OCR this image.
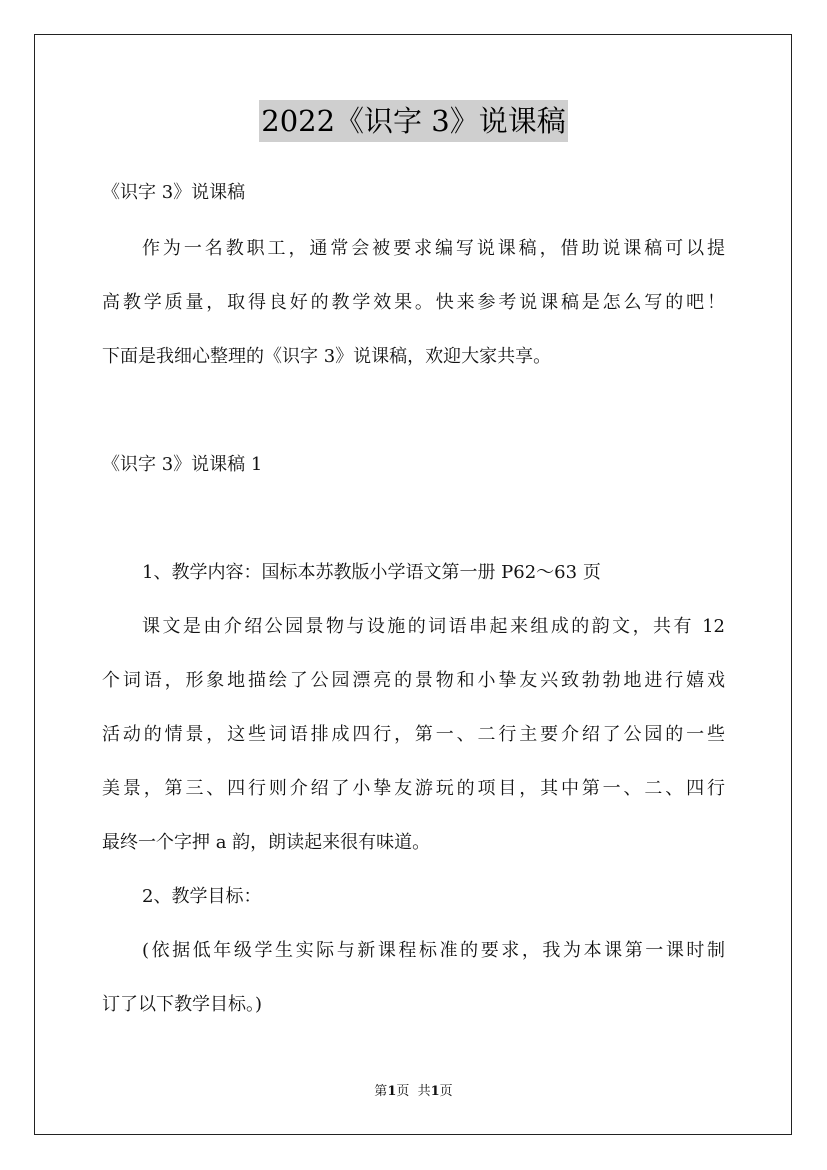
2022《识字 3》说课稿
《识字 3》说课稿
作为一名教职工，通常会被要求编写说课稿，借助说课稿可以提
高教学质量，取得良好的教学效果。快来参考说课稿是怎么写的吧！
下面是我细心整理的《识字 3》说课稿，欢迎大家共享。
《识字 3》说课稿 1
1、教学内容：国标本苏教版小学语文第一册 P62～63 页
课文是由介绍公园景物与设施的词语串起来组成的韵文，共有 12
个词语，形象地描绘了公园漂亮的景物和小挚友兴致勃勃地进行嬉戏
活动的情景，这些词语排成四行，第一、二行主要介绍了公园的一些
美景，第三、四行则介绍了小挚友游玩的项目，其中第一、二、四行
最终一个字押 a 韵，朗读起来很有味道。
2、教学目标：
(依据低年级学生实际与新课程标准的要求，我为本课第一课时制
订了以下教学目标。)
第1页  共1页
